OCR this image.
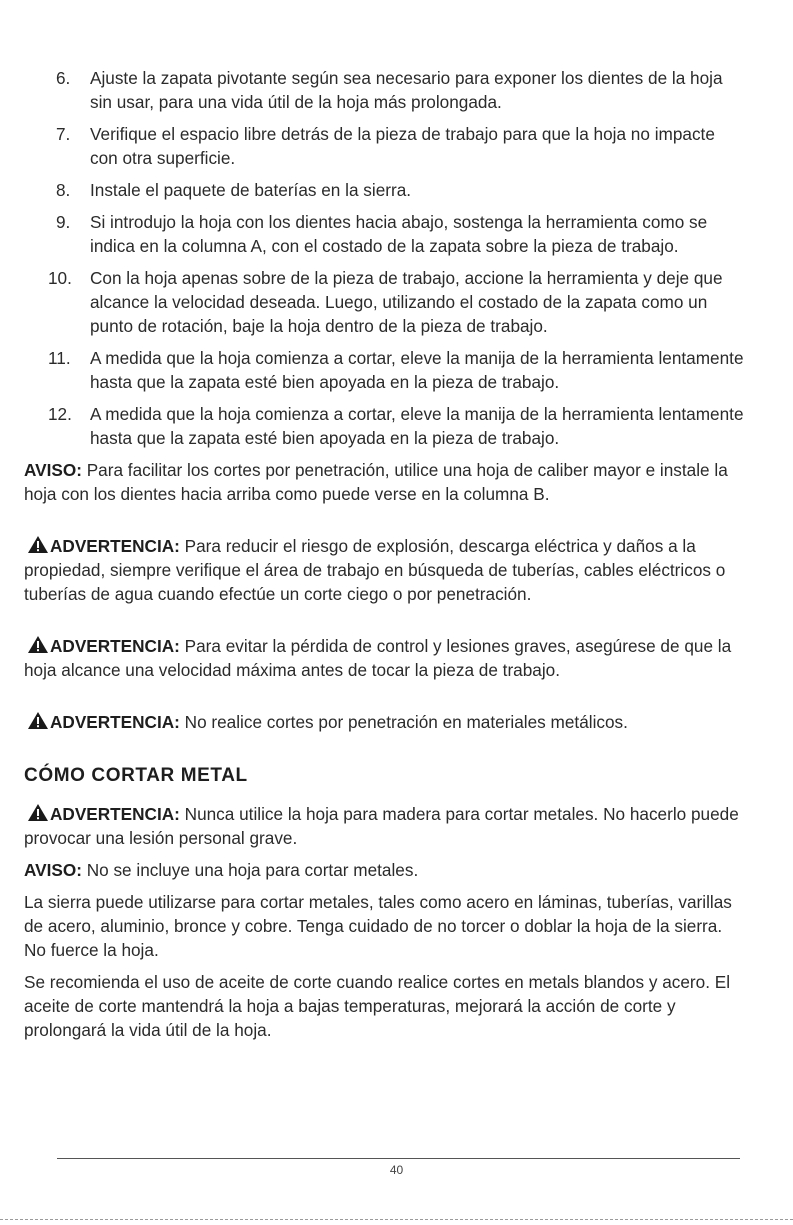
6.	Ajuste la zapata pivotante según sea necesario para exponer los dientes de la hoja sin usar, para una vida útil de la hoja más prolongada.
7.	Verifique el espacio libre detrás de la pieza de trabajo para que la hoja no impacte con otra superficie.
8.	Instale el paquete de baterías en la sierra.
9.	Si introdujo la hoja con los dientes hacia abajo, sostenga la herramienta como se indica en la columna A, con el costado de la zapata sobre la pieza de trabajo.
10. Con la hoja apenas sobre de la pieza de trabajo, accione la herramienta y deje que alcance la velocidad deseada. Luego, utilizando el costado de la zapata como un punto de rotación, baje la hoja dentro de la pieza de trabajo.
11.	A medida que la hoja comienza a cortar, eleve la manija de la herramienta lentamente hasta que la zapata esté bien apoyada en la pieza de trabajo.
12. A medida que la hoja comienza a cortar, eleve la manija de la herramienta lentamente hasta que la zapata esté bien apoyada en la pieza de trabajo.

AVISO: Para facilitar los cortes por penetración, utilice una hoja de caliber mayor e instale la hoja con los dientes hacia arriba como puede verse en la columna B.

ADVERTENCIA: Para reducir el riesgo de explosión, descarga eléctrica y daños a la propiedad, siempre verifique el área de trabajo en búsqueda de tuberías, cables eléctricos o tuberías de agua cuando efectúe un corte ciego o por penetración.

ADVERTENCIA: Para evitar la pérdida de control y lesiones graves, asegúrese de que la hoja alcance una velocidad máxima antes de tocar la pieza de trabajo.

ADVERTENCIA: No realice cortes por penetración en materiales metálicos.

CÓMO CORTAR METAL

ADVERTENCIA: Nunca utilice la hoja para madera para cortar metales. No hacerlo puede provocar una lesión personal grave.

AVISO: No se incluye una hoja para cortar metales.

La sierra puede utilizarse para cortar metales, tales como acero en láminas, tuberías, varillas de acero, aluminio, bronce y cobre. Tenga cuidado de no torcer o doblar la hoja de la sierra. No fuerce la hoja.

Se recomienda el uso de aceite de corte cuando realice cortes en metals blandos y acero. El aceite de corte mantendrá la hoja a bajas temperaturas, mejorará la acción de corte y prolongará la vida útil de la hoja.

40
